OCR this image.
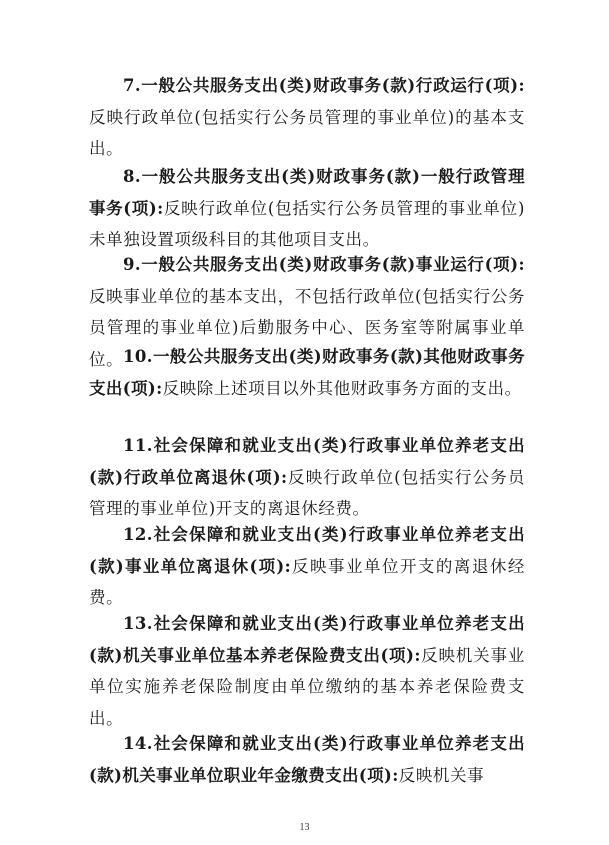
7.一般公共服务支出(类)财政事务(款)行政运行(项):反映行政单位(包括实行公务员管理的事业单位)的基本支出。

8.一般公共服务支出(类)财政事务(款)一般行政管理事务(项):反映行政单位(包括实行公务员管理的事业单位)未单独设置项级科目的其他项目支出。

9.一般公共服务支出(类)财政事务(款)事业运行(项):反映事业单位的基本支出，不包括行政单位(包括实行公务员管理的事业单位)后勤服务中心、医务室等附属事业单位。 10.一般公共服务支出(类)财政事务(款)其他财政事务支出(项):反映除上述项目以外其他财政事务方面的支出。

11.社会保障和就业支出(类)行政事业单位养老支出(款)行政单位离退休(项):反映行政单位(包括实行公务员管理的事业单位)开支的离退休经费。

12.社会保障和就业支出(类)行政事业单位养老支出(款)事业单位离退休(项):反映事业单位开支的离退休经费。

13.社会保障和就业支出(类)行政事业单位养老支出(款)机关事业单位基本养老保险费支出(项):反映机关事业单位实施养老保险制度由单位缴纳的基本养老保险费支出。

14.社会保障和就业支出(类)行政事业单位养老支出(款)机关事业单位职业年金缴费支出(项):反映机关事

13
